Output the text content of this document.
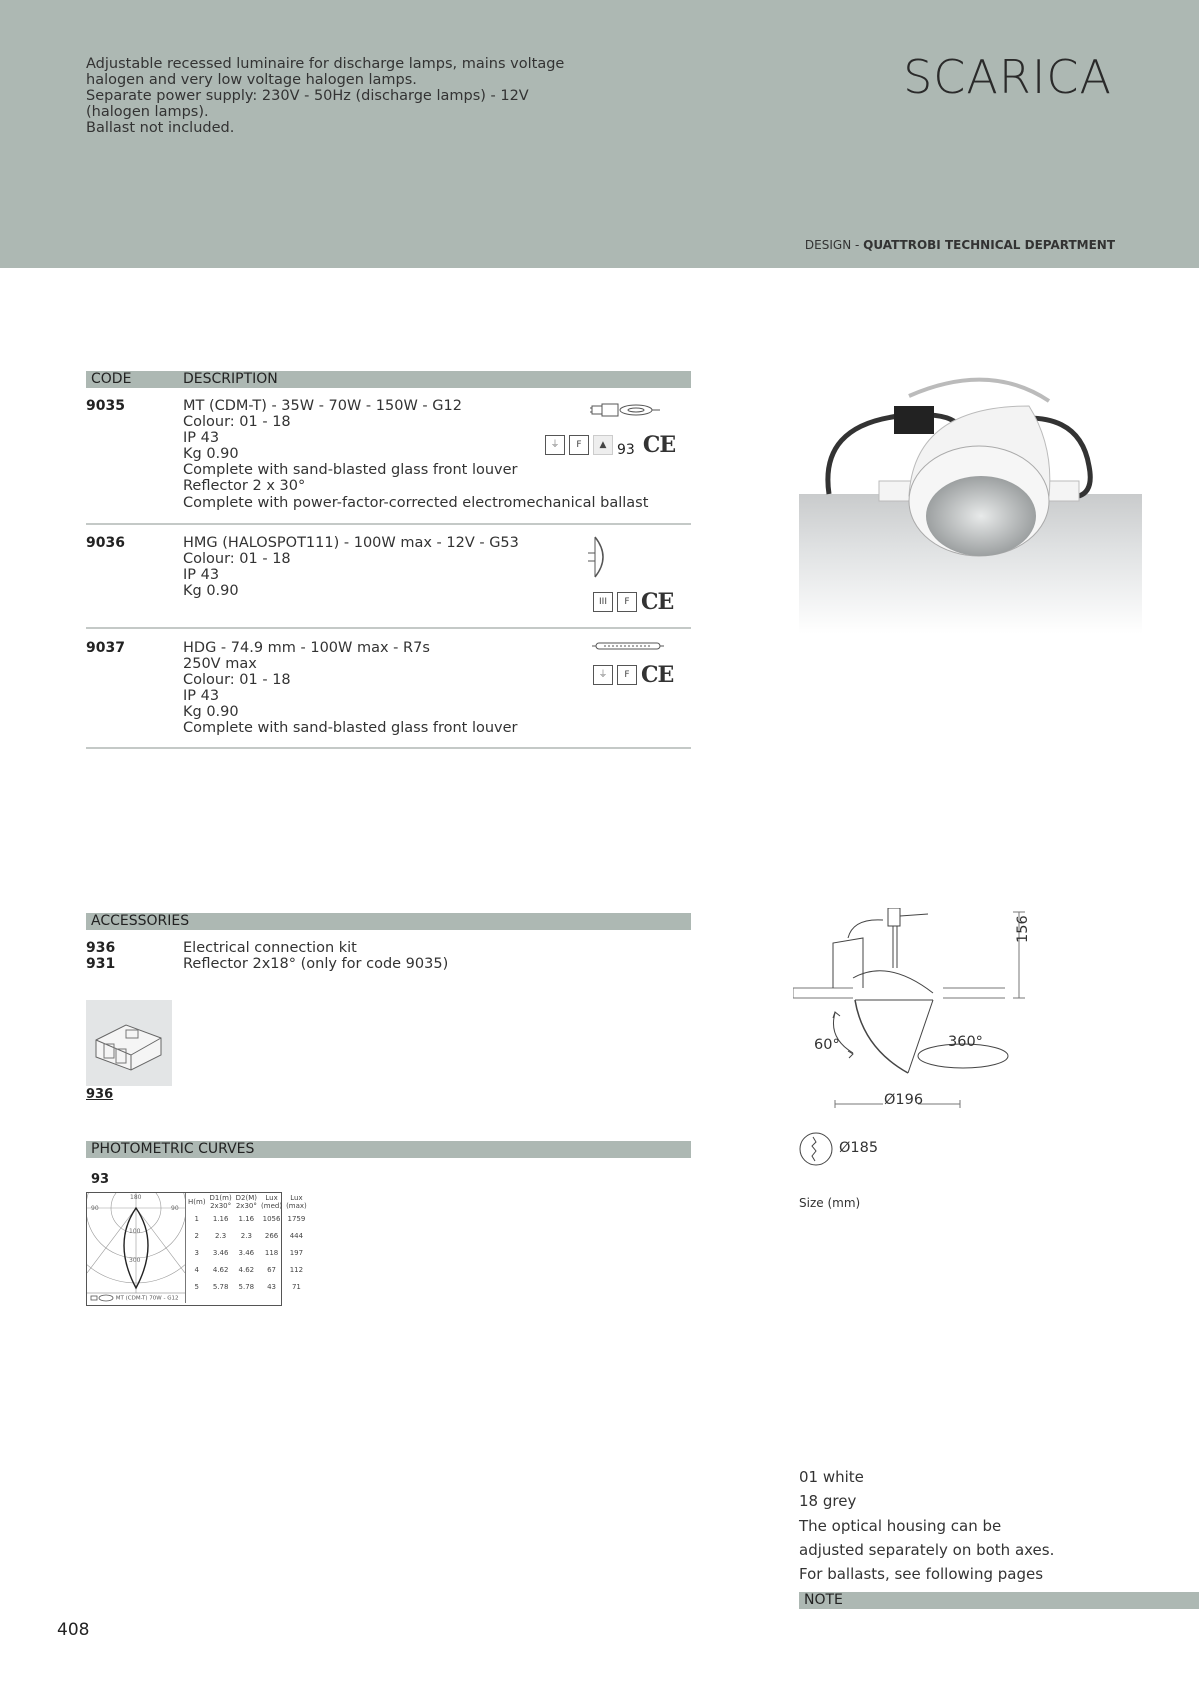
Adjustable recessed luminaire for discharge lamps, mains voltage
halogen and very low voltage halogen lamps.
Separate power supply: 230V - 50Hz (discharge lamps) - 12V
(halogen lamps).
Ballast not included.
SCARICA
DESIGN - QUATTROBI TECHNICAL DEPARTMENT
CODE	DESCRIPTION
9035	MT (CDM-T) - 35W - 70W - 150W - G12
Colour: 01 - 18
IP 43
Kg 0.90
Complete with sand-blasted glass front louver
Reflector 2 x 30°
Complete with power-factor-corrected electromechanical ballast
⏚ F ▲ 93 CE
9036	HMG (HALOSPOT111) - 100W max - 12V - G53
Colour: 01 - 18
IP 43
Kg 0.90
III F CE
9037	HDG - 74.9 mm - 100W max - R7s
250V max
Colour: 01 - 18
IP 43
Kg 0.90
Complete with sand-blasted glass front louver
⏚ F CE
ACCESSORIES
936	Electrical connection kit
931	Reflector 2x18° (only for code 9035)
936
156
60°	360°
Ø196
Ø185
Size (mm)
PHOTOMETRIC CURVES
93
180
90	90
100
300
MT (CDM-T) 70W - G12
H(m)	D1(m) 2x30°	D2(M) 2x30°	Lux (med)	Lux (max)
1	1.16	1.16	1056	1759
2	2.3	2.3	266	444
3	3.46	3.46	118	197
4	4.62	4.62	67	112
5	5.78	5.78	43	71
01 white
18 grey
The optical housing can be
adjusted separately on both axes.
For ballasts, see following pages
NOTE
408
